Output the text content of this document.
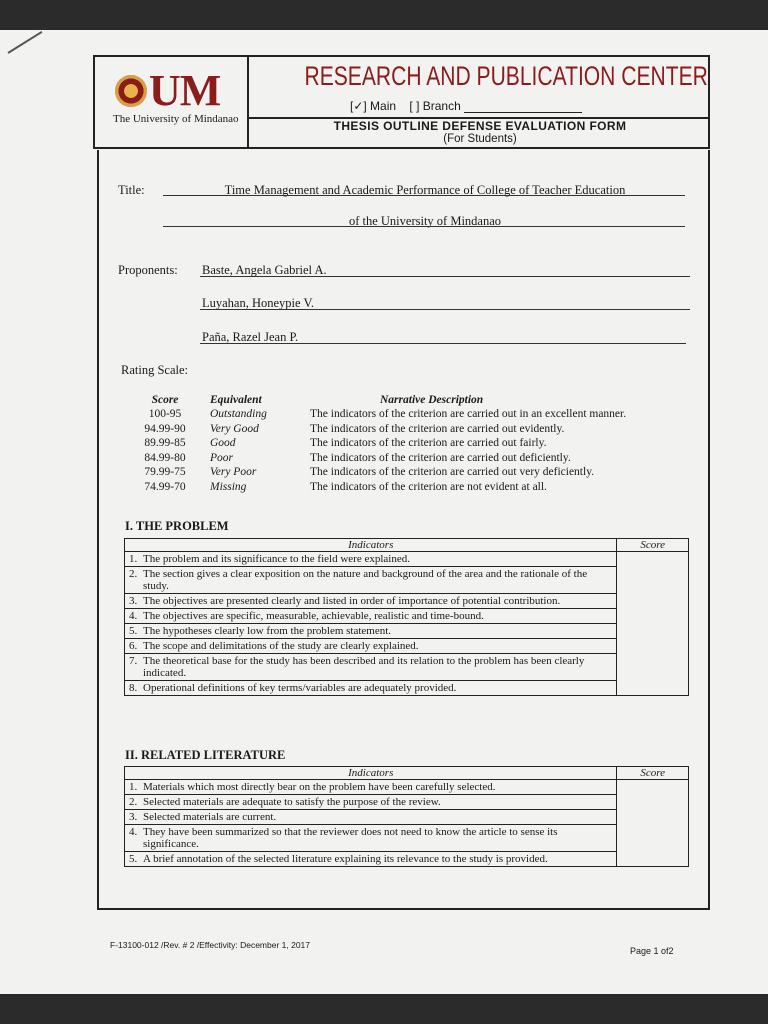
UM
The University of Mindanao
RESEARCH AND PUBLICATION CENTER
[✓] Main [ ] Branch
THESIS OUTLINE DEFENSE EVALUATION FORM
(For Students)
Title:	Time Management and Academic Performance of College of Teacher Education
of the University of Mindanao
Proponents: Baste, Angela Gabriel A.
Luyahan, Honeypie V.
Paña, Razel Jean P.
Rating Scale:
Score	Equivalent	Narrative Description
100-95	Outstanding	The indicators of the criterion are carried out in an excellent manner.
94.99-90	Very Good	The indicators of the criterion are carried out evidently.
89.99-85	Good	The indicators of the criterion are carried out fairly.
84.99-80	Poor	The indicators of the criterion are carried out deficiently.
79.99-75	Very Poor	The indicators of the criterion are carried out very deficiently.
74.99-70	Missing	The indicators of the criterion are not evident at all.
I. THE PROBLEM
Indicators	Score
1. The problem and its significance to the field were explained.	
2. The section gives a clear exposition on the nature and background of the area and the rationale of the study.	
3. The objectives are presented clearly and listed in order of importance of potential contribution.	
4. The objectives are specific, measurable, achievable, realistic and time-bound.	
5. The hypotheses clearly low from the problem statement.	
6. The scope and delimitations of the study are clearly explained.	
7. The theoretical base for the study has been described and its relation to the problem has been clearly indicated.	
8. Operational definitions of key terms/variables are adequately provided.	
II. RELATED LITERATURE
Indicators	Score
1. Materials which most directly bear on the problem have been carefully selected.	
2. Selected materials are adequate to satisfy the purpose of the review.	
3. Selected materials are current.	
4. They have been summarized so that the reviewer does not need to know the article to sense its significance.	
5. A brief annotation of the selected literature explaining its relevance to the study is provided.	
F-13100-012 /Rev. # 2 /Effectivity: December 1, 2017
Page 1 of2
